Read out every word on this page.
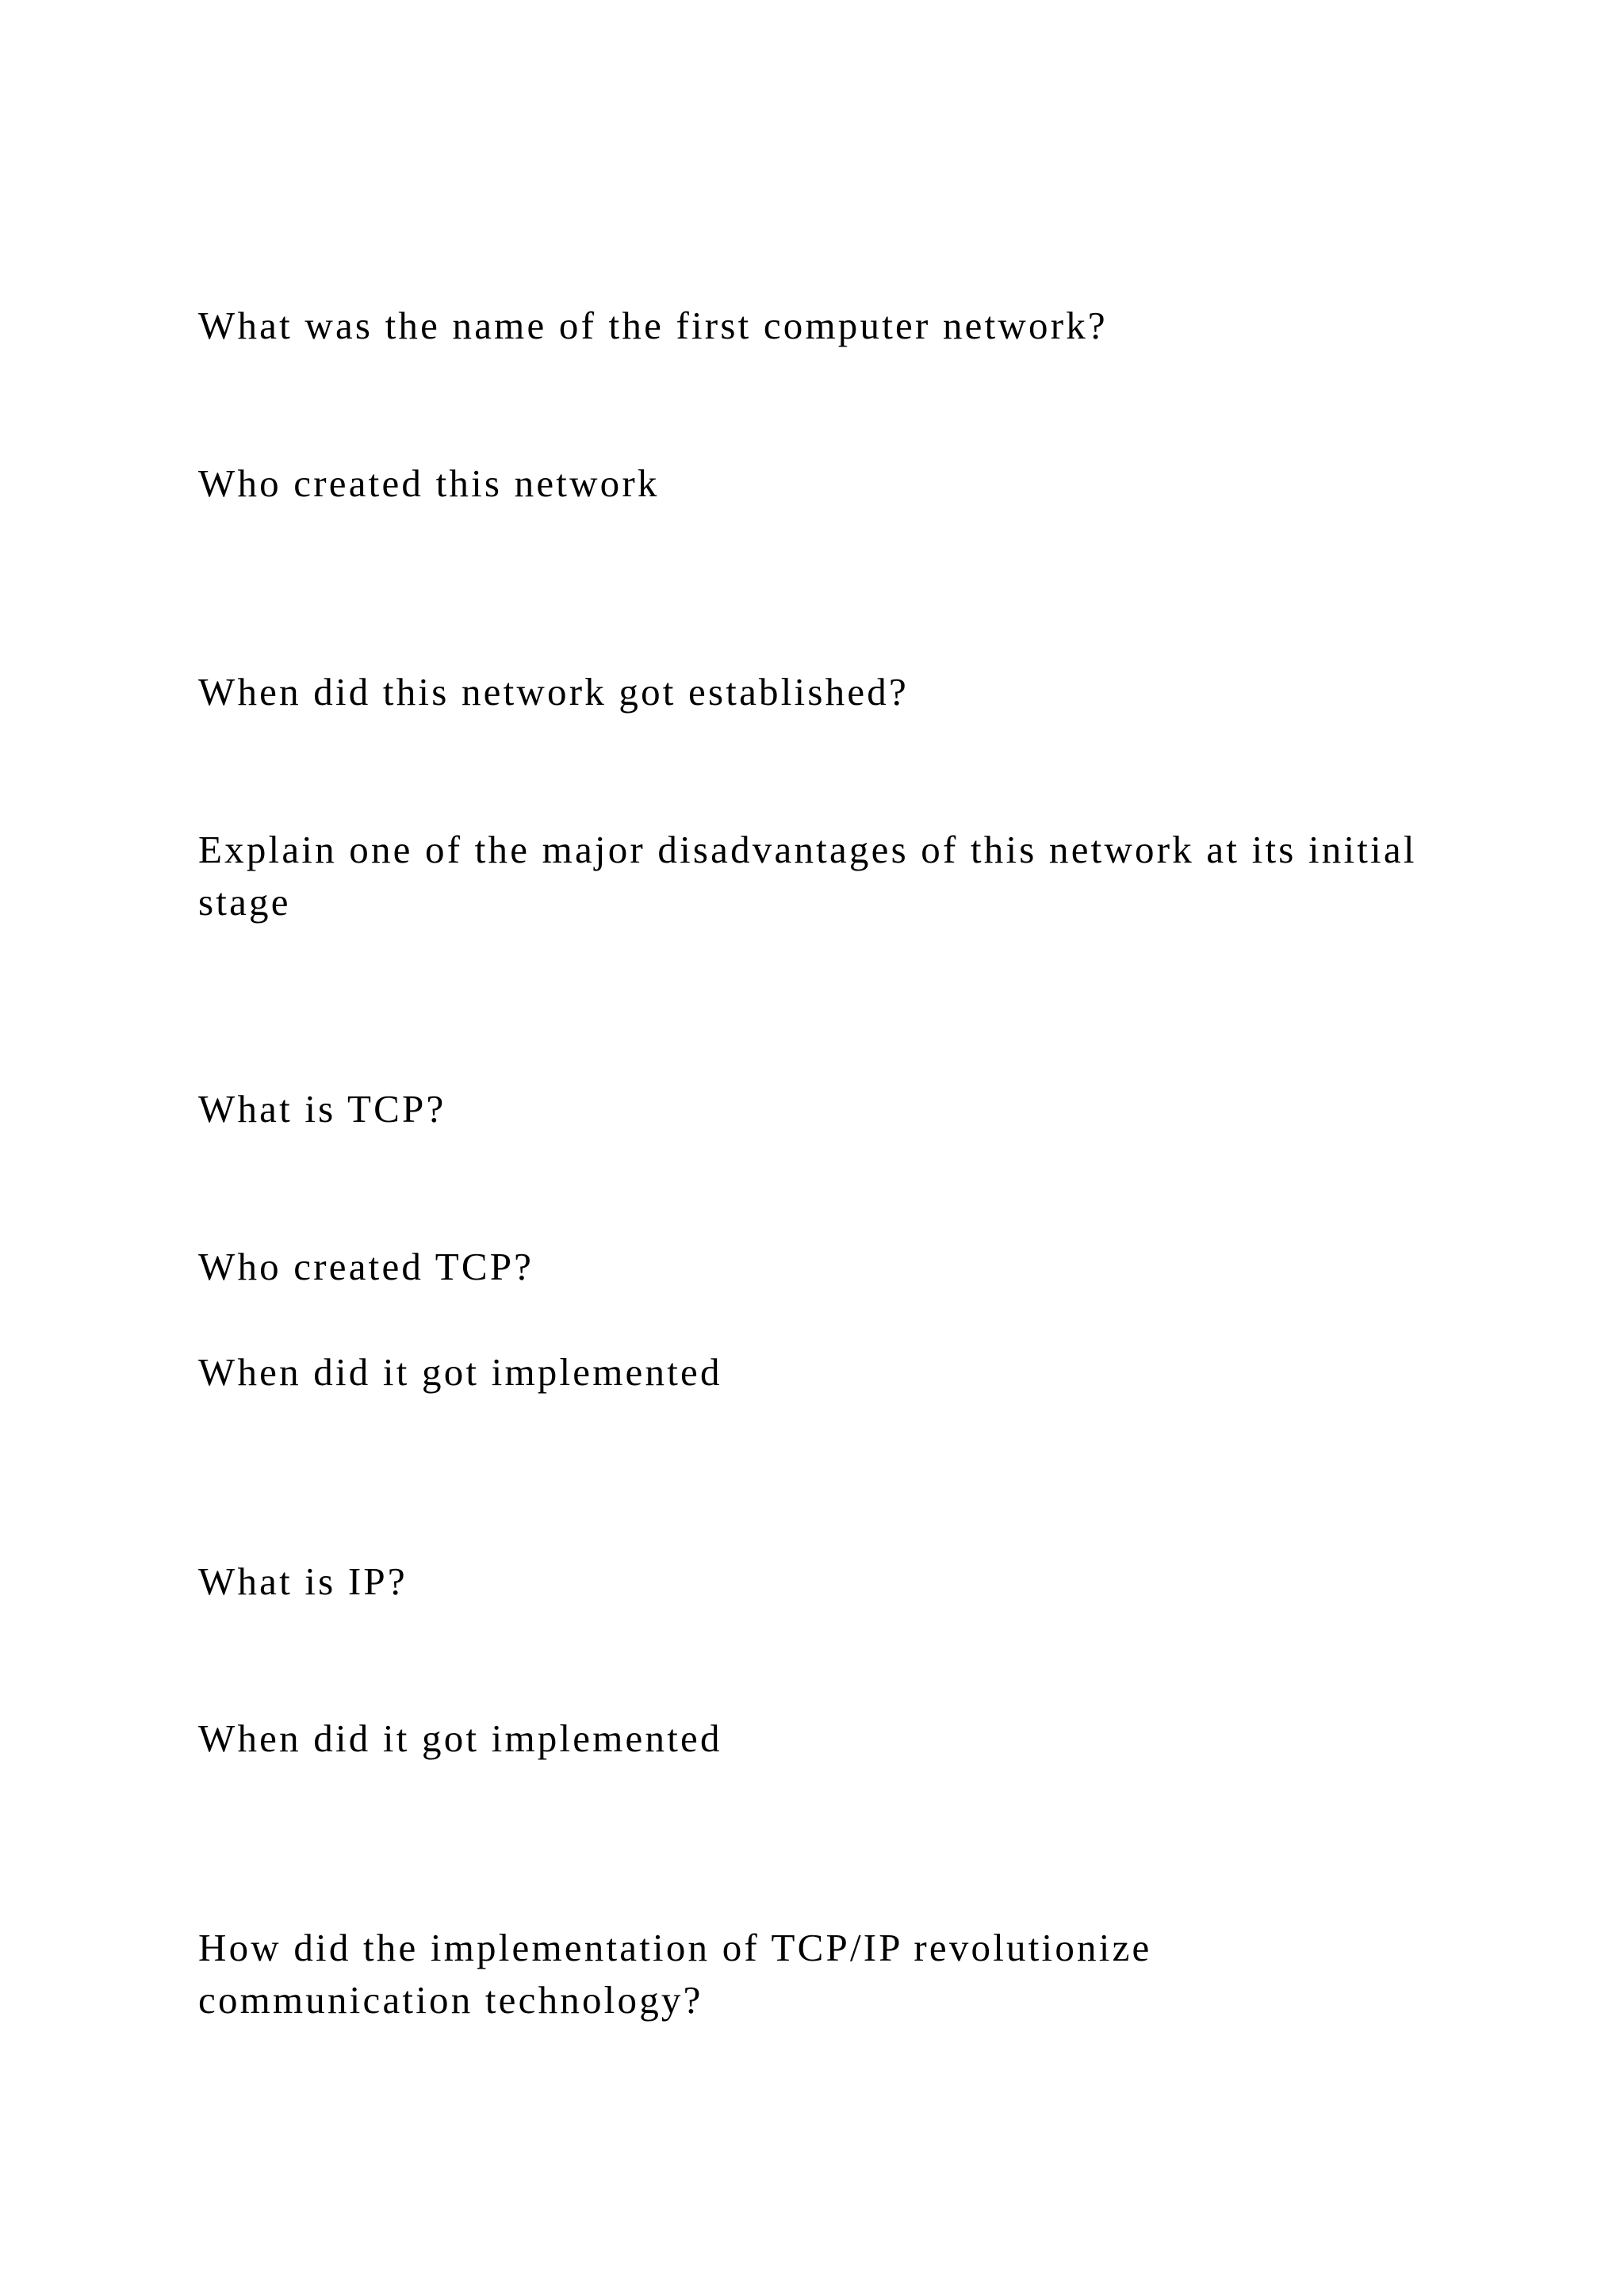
What was the name of the first computer network?

Who created this network

When did this network got established?

Explain one of the major disadvantages of this network at its initial stage

What is TCP?

Who created TCP?

When did it got implemented

What is IP?

When did it got implemented

How did the implementation of TCP/IP revolutionize communication technology?
